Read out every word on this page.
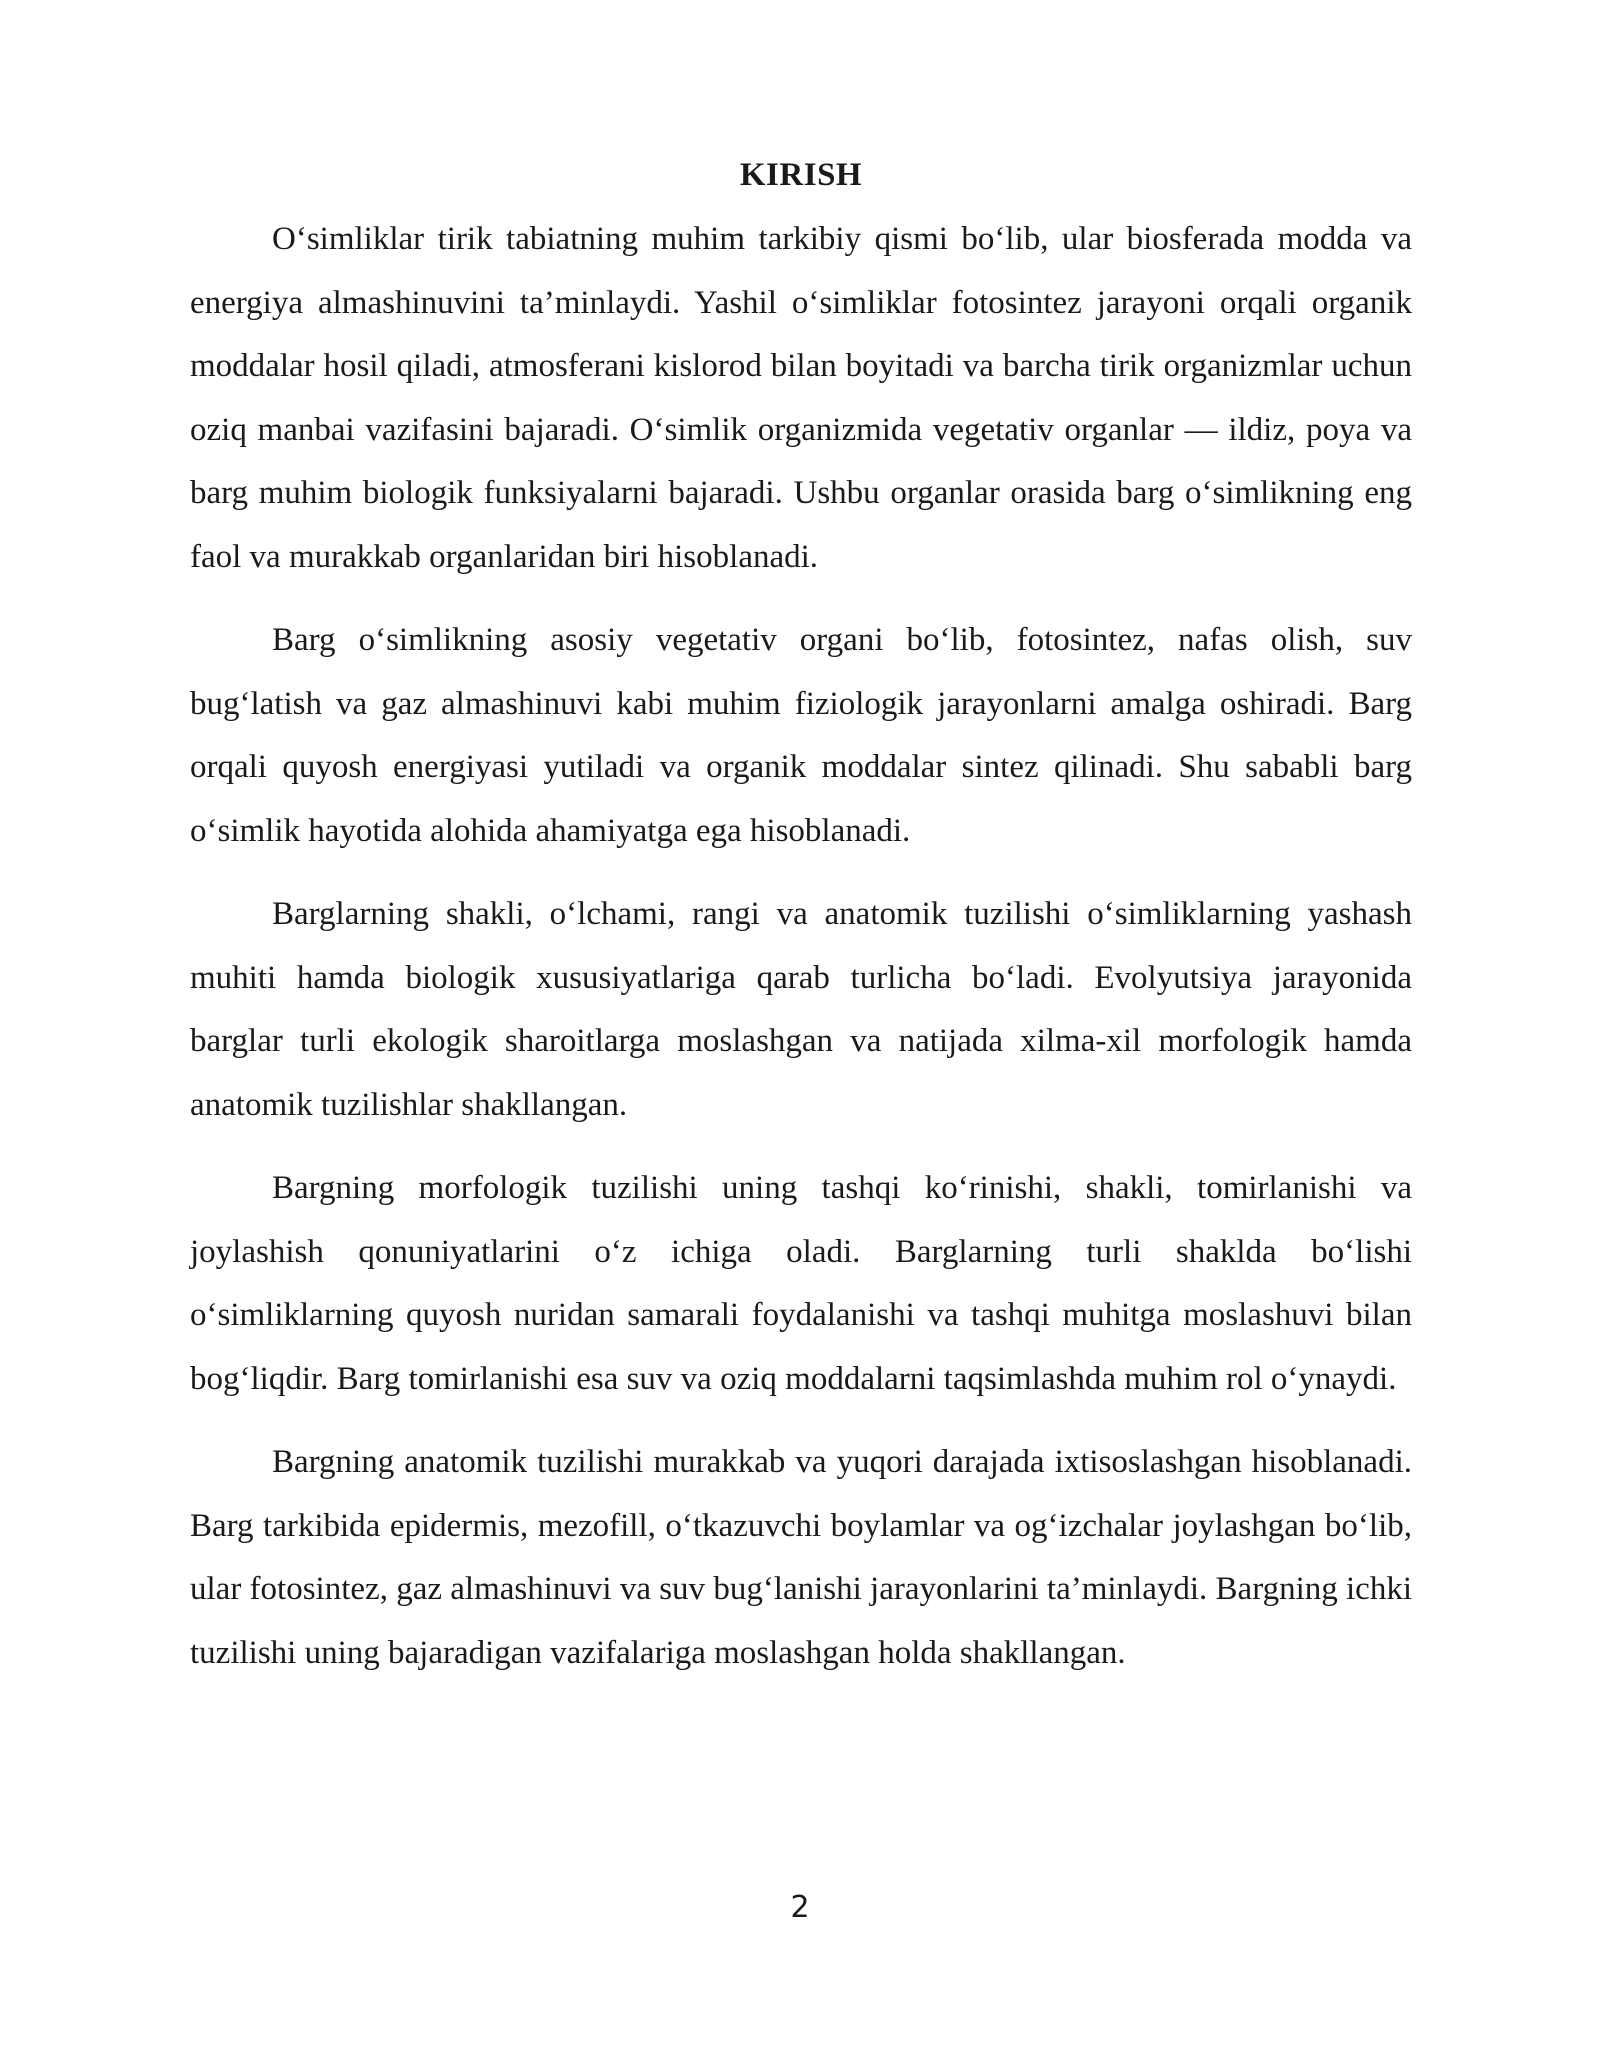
KIRISH

O‘simliklar tirik tabiatning muhim tarkibiy qismi bo‘lib, ular biosferada modda va energiya almashinuvini ta’minlaydi. Yashil o‘simliklar fotosintez jarayoni orqali organik moddalar hosil qiladi, atmosferani kislorod bilan boyitadi va barcha tirik organizmlar uchun oziq manbai vazifasini bajaradi. O‘simlik organizmida vegetativ organlar — ildiz, poya va barg muhim biologik funksiyalarni bajaradi. Ushbu organlar orasida barg o‘simlikning eng faol va murakkab organlaridan biri hisoblanadi.

Barg o‘simlikning asosiy vegetativ organi bo‘lib, fotosintez, nafas olish, suv bug‘latish va gaz almashinuvi kabi muhim fiziologik jarayonlarni amalga oshiradi. Barg orqali quyosh energiyasi yutiladi va organik moddalar sintez qilinadi. Shu sababli barg o‘simlik hayotida alohida ahamiyatga ega hisoblanadi.

Barglarning shakli, o‘lchami, rangi va anatomik tuzilishi o‘simliklarning yashash muhiti hamda biologik xususiyatlariga qarab turlicha bo‘ladi. Evolyutsiya jarayonida barglar turli ekologik sharoitlarga moslashgan va natijada xilma-xil morfologik hamda anatomik tuzilishlar shakllangan.

Bargning morfologik tuzilishi uning tashqi ko‘rinishi, shakli, tomirlanishi va joylashish qonuniyatlarini o‘z ichiga oladi. Barglarning turli shaklda bo‘lishi o‘simliklarning quyosh nuridan samarali foydalanishi va tashqi muhitga moslashuvi bilan bog‘liqdir. Barg tomirlanishi esa suv va oziq moddalarni taqsimlashda muhim rol o‘ynaydi.

Bargning anatomik tuzilishi murakkab va yuqori darajada ixtisoslashgan hisoblanadi. Barg tarkibida epidermis, mezofill, o‘tkazuvchi boylamlar va og‘izchalar joylashgan bo‘lib, ular fotosintez, gaz almashinuvi va suv bug‘lanishi jarayonlarini ta’minlaydi. Bargning ichki tuzilishi uning bajaradigan vazifalariga moslashgan holda shakllangan.

2
